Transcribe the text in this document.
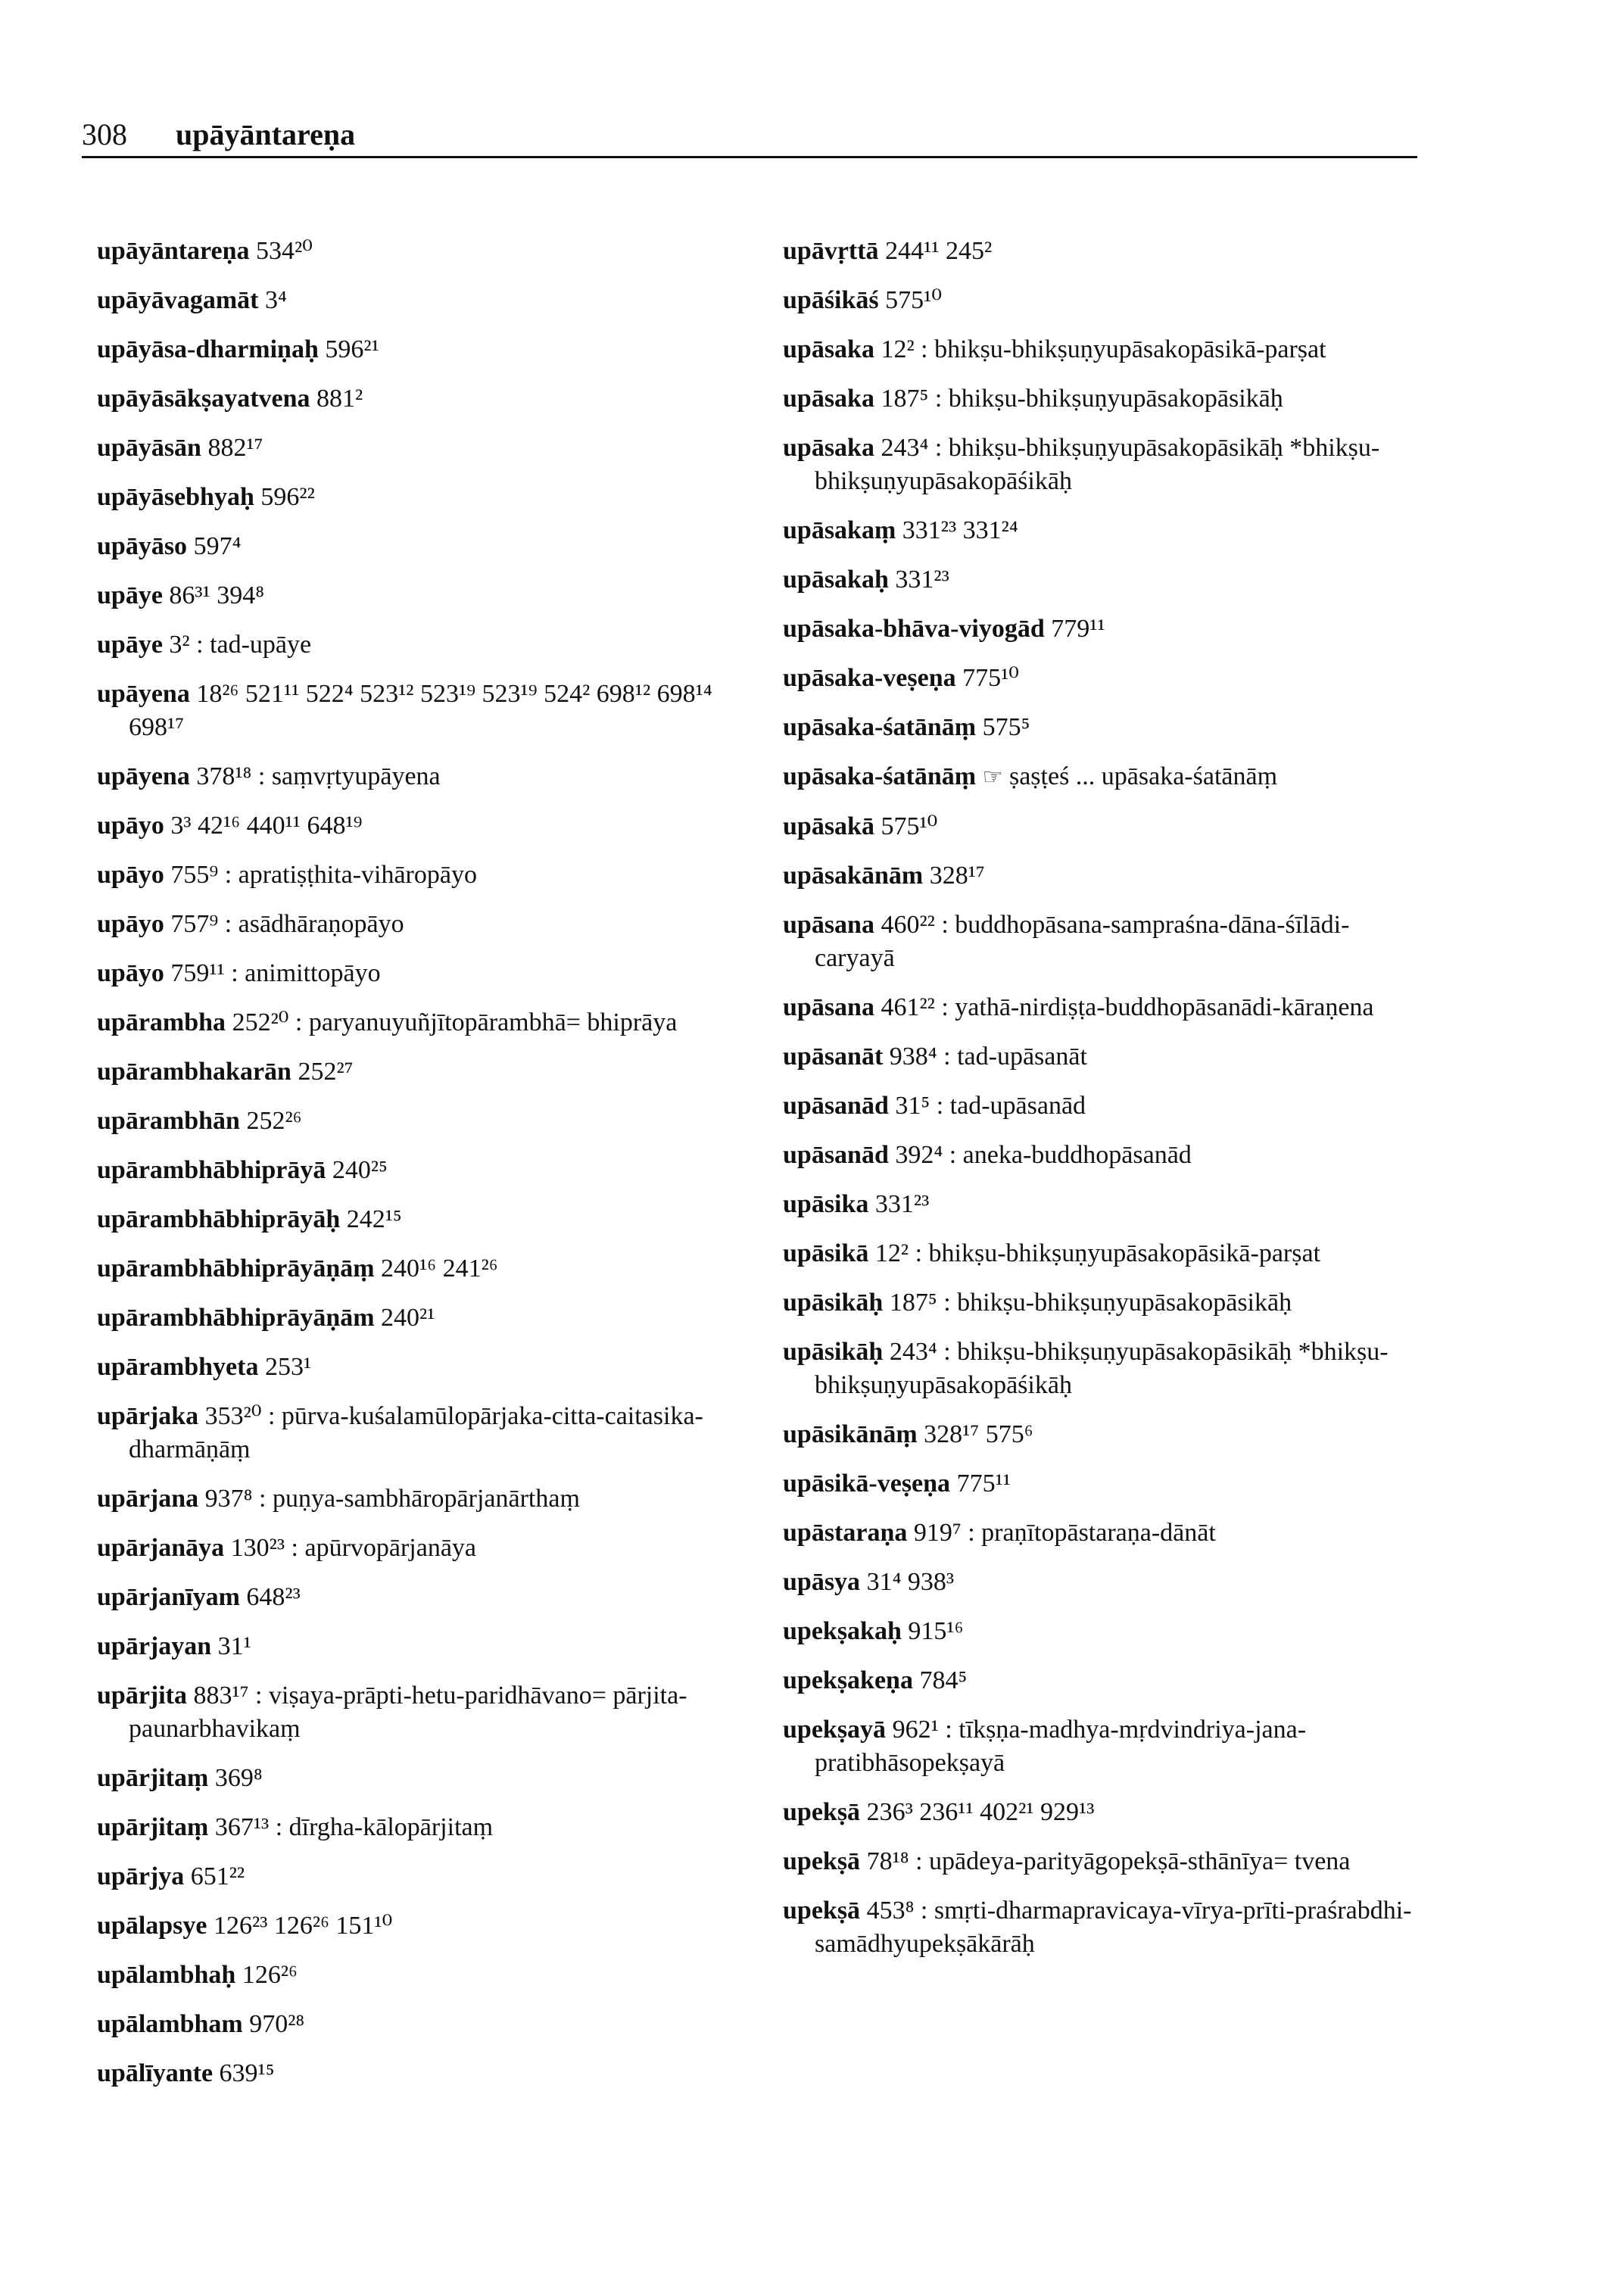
308 upāyāntareṇa
upāyāntareṇa 534²⁰
upāyāvagamāt 3⁴
upāyāsa-dharmiṇaḥ 596²¹
upāyāsākṣayatvena 881²
upāyāsān 882¹⁷
upāyāsebhyaḥ 596²²
upāyāso 597⁴
upāye 86³¹ 394⁸
upāye 3² : tad-upāye
upāyena 18²⁶ 521¹¹ 522⁴ 523¹² 523¹⁹ 523¹⁹ 524² 698¹² 698¹⁴ 698¹⁷
upāyena 378¹⁸ : saṃvṛtyupāyena
upāyo 3³ 42¹⁶ 440¹¹ 648¹⁹
upāyo 755⁹ : apratiṣṭhita-vihāropāyo
upāyo 757⁹ : asādhāraṇopāyo
upāyo 759¹¹ : animittopāyo
upārambha 252²⁰ : paryanuyuñjītopārambhā= bhiprāya
upārambhakarān 252²⁷
upārambhān 252²⁶
upārambhābhiprāyā 240²⁵
upārambhābhiprāyāḥ 242¹⁵
upārambhābhiprāyāṇāṃ 240¹⁶ 241²⁶
upārambhābhiprāyāṇām 240²¹
upārambhyeta 253¹
upārjaka 353²⁰ : pūrva-kuśalamūlopārjaka-citta-caitasika-dharmāṇāṃ
upārjana 937⁸ : puṇya-sambhāropārjanārthaṃ
upārjanāya 130²³ : apūrvopārjanāya
upārjanīyam 648²³
upārjayan 31¹
upārjita 883¹⁷ : viṣaya-prāpti-hetu-paridhāvano= pārjita-paunarbhavikaṃ
upārjitaṃ 369⁸
upārjitaṃ 367¹³ : dīrgha-kālopārjitaṃ
upārjya 651²²
upālapsye 126²³ 126²⁶ 151¹⁰
upālambhaḥ 126²⁶
upālambham 970²⁸
upālīyante 639¹⁵
upāvṛttā 244¹¹ 245²
upāśikāś 575¹⁰
upāsaka 12² : bhikṣu-bhikṣuṇyupāsakopāsikā-parṣat
upāsaka 187⁵ : bhikṣu-bhikṣuṇyupāsakopāsikāḥ
upāsaka 243⁴ : bhikṣu-bhikṣuṇyupāsakopāsikāḥ *bhikṣu-bhikṣuṇyupāsakopāśikāḥ
upāsakaṃ 331²³ 331²⁴
upāsakaḥ 331²³
upāsaka-bhāva-viyogād 779¹¹
upāsaka-veṣeṇa 775¹⁰
upāsaka-śatānāṃ 575⁵
upāsaka-śatānāṃ ☞ ṣaṣṭeś ... upāsaka-śatānāṃ
upāsakā 575¹⁰
upāsakānām 328¹⁷
upāsana 460²² : buddhopāsana-sampraśna-dāna-śīlādi-caryayā
upāsana 461²² : yathā-nirdiṣṭa-buddhopāsanādi-kāraṇena
upāsanāt 938⁴ : tad-upāsanāt
upāsanād 31⁵ : tad-upāsanād
upāsanād 392⁴ : aneka-buddhopāsanād
upāsika 331²³
upāsikā 12² : bhikṣu-bhikṣuṇyupāsakopāsikā-parṣat
upāsikāḥ 187⁵ : bhikṣu-bhikṣuṇyupāsakopāsikāḥ
upāsikāḥ 243⁴ : bhikṣu-bhikṣuṇyupāsakopāsikāḥ *bhikṣu-bhikṣuṇyupāsakopāśikāḥ
upāsikānāṃ 328¹⁷ 575⁶
upāsikā-veṣeṇa 775¹¹
upāstaraṇa 919⁷ : praṇītopāstaraṇa-dānāt
upāsya 31⁴ 938³
upekṣakaḥ 915¹⁶
upekṣakeṇa 784⁵
upekṣayā 962¹ : tīkṣṇa-madhya-mṛdvindriya-jana-pratibhāsopekṣayā
upekṣā 236³ 236¹¹ 402²¹ 929¹³
upekṣā 78¹⁸ : upādeya-parityāgopekṣā-sthānīya= tvena
upekṣā 453⁸ : smṛti-dharmapravicaya-vīrya-prīti-praśrabdhi-samādhyupekṣākārāḥ
